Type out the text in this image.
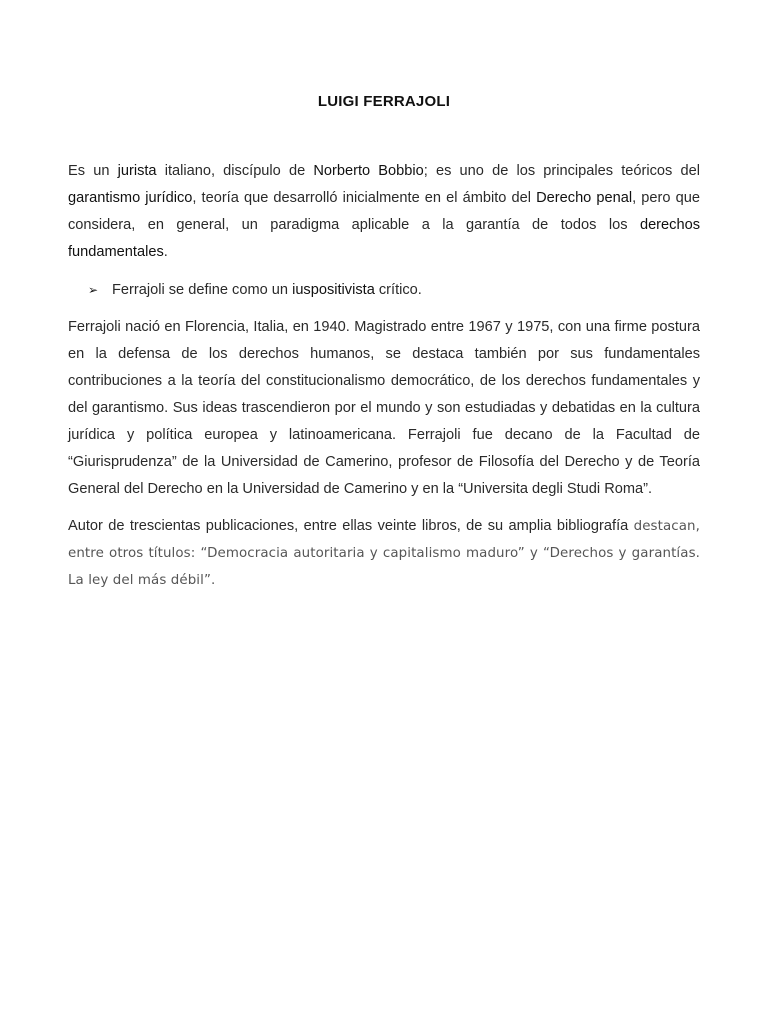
LUIGI FERRAJOLI

Es un jurista italiano, discípulo de Norberto Bobbio; es uno de los principales teóricos del garantismo jurídico, teoría que desarrolló inicialmente en el ámbito del Derecho penal, pero que considera, en general, un paradigma aplicable a la garantía de todos los derechos fundamentales.

➢ Ferrajoli se define como un iuspositivista crítico.

Ferrajoli nació en Florencia, Italia, en 1940. Magistrado entre 1967 y 1975, con una firme postura en la defensa de los derechos humanos, se destaca también por sus fundamentales contribuciones a la teoría del constitucionalismo democrático, de los derechos fundamentales y del garantismo. Sus ideas trascendieron por el mundo y son estudiadas y debatidas en la cultura jurídica y política europea y latinoamericana. Ferrajoli fue decano de la Facultad de “Giurisprudenza” de la Universidad de Camerino, profesor de Filosofía del Derecho y de Teoría General del Derecho en la Universidad de Camerino y en la “Universita degli Studi Roma”.

Autor de trescientas publicaciones, entre ellas veinte libros, de su amplia bibliografía destacan, entre otros títulos: “Democracia autoritaria y capitalismo maduro” y “Derechos y garantías. La ley del más débil”.
